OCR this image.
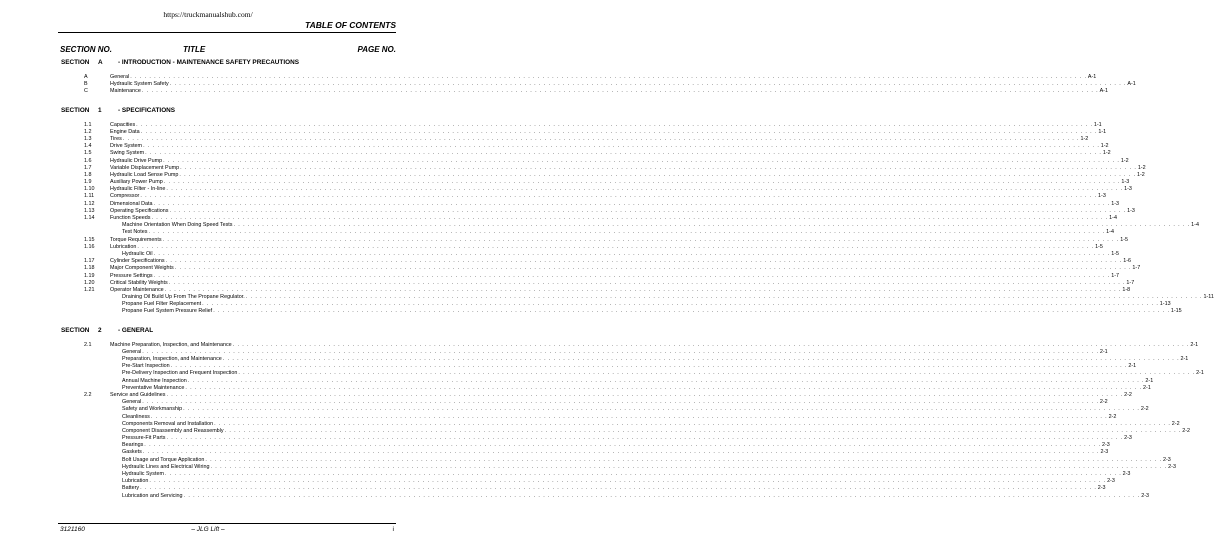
https://truckmanualshub.com/
TABLE OF CONTENTS
SECTION NO.	TITLE	PAGE NO.
SECTION A - INTRODUCTION - MAINTENANCE SAFETY PRECAUTIONS
A	General . . . . . . . . . . . . . . . . . . . . . . . . . . . . . . . . . . . . . . . . . . . . . . . . . . . . . . . . . . . . . . . . . . . . . . . . . . . . . . . . . . . . . . . . . . . . . . . . . . . . . . . . . . . . . . . . . . . . . . . . . . . . . . . . . . . . . . . . . . . . . . . . . . . . . . . . . . . . . . . . . . . . . . . . . . . . . . . . . . . . . . . . . . . . . . . . . . . . . . . . A-1
B	Hydraulic System Safety . . . . . . . . . . . . . . . . . . . . . . . . . . . . . . . . . . . . . . . . . . . . . . . . . . . . . . . . . . . . . . . . . . . . . . . . . . . . . . . . . . . . . . . . . . . . . . . . . . . . . . . . . . . . . . . . . . . . . . . . . . . . . . . . . . . . . . . . . . . . . . . . . . . . . . . . . . . . . . . . . . . . . . . . . . . . . . . . . . . . . . . . . . . . . . . . . . . . . . . . A-1
C	Maintenance . . . . . . . . . . . . . . . . . . . . . . . . . . . . . . . . . . . . . . . . . . . . . . . . . . . . . . . . . . . . . . . . . . . . . . . . . . . . . . . . . . . . . . . . . . . . . . . . . . . . . . . . . . . . . . . . . . . . . . . . . . . . . . . . . . . . . . . . . . . . . . . . . . . . . . . . . . . . . . . . . . . . . . . . . . . . . . . . . . . . . . . . . . . . . . . . . . . . . . . . A-1
SECTION 1	- SPECIFICATIONS
1.1	Capacities . . . . . . . . . . . . . . . . . . . . . . . . . . . . . . . . . . . . . . . . . . . . . . . . . . . . . . . . . . . . . . . . . . . . . . . . . . . . . . . . . . . . . . . . . . . . . . . . . . . . . . . . . . . . . . . . . . . . . . . . . . . . . . . . . . . . . . . . . . . . . . . . . . . . . . . . . . . . . . . . . . . . . . . . . . . . . . . . . . . . . . . . . . . . . . . . . . . . . . . . 1-1
1.2	Engine Data . . . . . . . . . . . . . . . . . . . . . . . . . . . . . . . . . . . . . . . . . . . . . . . . . . . . . . . . . . . . . . . . . . . . . . . . . . . . . . . . . . . . . . . . . . . . . . . . . . . . . . . . . . . . . . . . . . . . . . . . . . . . . . . . . . . . . . . . . . . . . . . . . . . . . . . . . . . . . . . . . . . . . . . . . . . . . . . . . . . . . . . . . . . . . . . . . . . . . . . . 1-1
1.3	Tires . . . . . . . . . . . . . . . . . . . . . . . . . . . . . . . . . . . . . . . . . . . . . . . . . . . . . . . . . . . . . . . . . . . . . . . . . . . . . . . . . . . . . . . . . . . . . . . . . . . . . . . . . . . . . . . . . . . . . . . . . . . . . . . . . . . . . . . . . . . . . . . . . . . . . . . . . . . . . . . . . . . . . . . . . . . . . . . . . . . . . . . . . . . . . . . . . . . . . . . . 1-2
1.4	Drive System . . . . . . . . . . . . . . . . . . . . . . . . . . . . . . . . . . . . . . . . . . . . . . . . . . . . . . . . . . . . . . . . . . . . . . . . . . . . . . . . . . . . . . . . . . . . . . . . . . . . . . . . . . . . . . . . . . . . . . . . . . . . . . . . . . . . . . . . . . . . . . . . . . . . . . . . . . . . . . . . . . . . . . . . . . . . . . . . . . . . . . . . . . . . . . . . . . . . . . . . 1-2
1.5	Swing System . . . . . . . . . . . . . . . . . . . . . . . . . . . . . . . . . . . . . . . . . . . . . . . . . . . . . . . . . . . . . . . . . . . . . . . . . . . . . . . . . . . . . . . . . . . . . . . . . . . . . . . . . . . . . . . . . . . . . . . . . . . . . . . . . . . . . . . . . . . . . . . . . . . . . . . . . . . . . . . . . . . . . . . . . . . . . . . . . . . . . . . . . . . . . . . . . . . . . . . . 1-2
1.6	Hydraulic Drive Pump . . . . . . . . . . . . . . . . . . . . . . . . . . . . . . . . . . . . . . . . . . . . . . . . . . . . . . . . . . . . . . . . . . . . . . . . . . . . . . . . . . . . . . . . . . . . . . . . . . . . . . . . . . . . . . . . . . . . . . . . . . . . . . . . . . . . . . . . . . . . . . . . . . . . . . . . . . . . . . . . . . . . . . . . . . . . . . . . . . . . . . . . . . . . . . . . . . . . . . . . 1-2
1.7	Variable Displacement Pump . . . . . . . . . . . . . . . . . . . . . . . . . . . . . . . . . . . . . . . . . . . . . . . . . . . . . . . . . . . . . . . . . . . . . . . . . . . . . . . . . . . . . . . . . . . . . . . . . . . . . . . . . . . . . . . . . . . . . . . . . . . . . . . . . . . . . . . . . . . . . . . . . . . . . . . . . . . . . . . . . . . . . . . . . . . . . . . . . . . . . . . . . . . . . . . . . . . . . . . . 1-2
1.8	Hydraulic Load Sense Pump . . . . . . . . . . . . . . . . . . . . . . . . . . . . . . . . . . . . . . . . . . . . . . . . . . . . . . . . . . . . . . . . . . . . . . . . . . . . . . . . . . . . . . . . . . . . . . . . . . . . . . . . . . . . . . . . . . . . . . . . . . . . . . . . . . . . . . . . . . . . . . . . . . . . . . . . . . . . . . . . . . . . . . . . . . . . . . . . . . . . . . . . . . . . . . . . . . . . . . . . 1-2
1.9	Auxiliary Power Pump . . . . . . . . . . . . . . . . . . . . . . . . . . . . . . . . . . . . . . . . . . . . . . . . . . . . . . . . . . . . . . . . . . . . . . . . . . . . . . . . . . . . . . . . . . . . . . . . . . . . . . . . . . . . . . . . . . . . . . . . . . . . . . . . . . . . . . . . . . . . . . . . . . . . . . . . . . . . . . . . . . . . . . . . . . . . . . . . . . . . . . . . . . . . . . . . . . . . . . . . 1-3
1.10	Hydraulic Filter - In-line . . . . . . . . . . . . . . . . . . . . . . . . . . . . . . . . . . . . . . . . . . . . . . . . . . . . . . . . . . . . . . . . . . . . . . . . . . . . . . . . . . . . . . . . . . . . . . . . . . . . . . . . . . . . . . . . . . . . . . . . . . . . . . . . . . . . . . . . . . . . . . . . . . . . . . . . . . . . . . . . . . . . . . . . . . . . . . . . . . . . . . . . . . . . . . . . . . . . . . . . 1-3
1.11	Compressor . . . . . . . . . . . . . . . . . . . . . . . . . . . . . . . . . . . . . . . . . . . . . . . . . . . . . . . . . . . . . . . . . . . . . . . . . . . . . . . . . . . . . . . . . . . . . . . . . . . . . . . . . . . . . . . . . . . . . . . . . . . . . . . . . . . . . . . . . . . . . . . . . . . . . . . . . . . . . . . . . . . . . . . . . . . . . . . . . . . . . . . . . . . . . . . . . . . . . . . . 1-3
1.12	Dimensional Data . . . . . . . . . . . . . . . . . . . . . . . . . . . . . . . . . . . . . . . . . . . . . . . . . . . . . . . . . . . . . . . . . . . . . . . . . . . . . . . . . . . . . . . . . . . . . . . . . . . . . . . . . . . . . . . . . . . . . . . . . . . . . . . . . . . . . . . . . . . . . . . . . . . . . . . . . . . . . . . . . . . . . . . . . . . . . . . . . . . . . . . . . . . . . . . . . . . . . . . . 1-3
1.13	Operating Specifications . . . . . . . . . . . . . . . . . . . . . . . . . . . . . . . . . . . . . . . . . . . . . . . . . . . . . . . . . . . . . . . . . . . . . . . . . . . . . . . . . . . . . . . . . . . . . . . . . . . . . . . . . . . . . . . . . . . . . . . . . . . . . . . . . . . . . . . . . . . . . . . . . . . . . . . . . . . . . . . . . . . . . . . . . . . . . . . . . . . . . . . . . . . . . . . . . . . . . . . . 1-3
1.14	Function Speeds . . . . . . . . . . . . . . . . . . . . . . . . . . . . . . . . . . . . . . . . . . . . . . . . . . . . . . . . . . . . . . . . . . . . . . . . . . . . . . . . . . . . . . . . . . . . . . . . . . . . . . . . . . . . . . . . . . . . . . . . . . . . . . . . . . . . . . . . . . . . . . . . . . . . . . . . . . . . . . . . . . . . . . . . . . . . . . . . . . . . . . . . . . . . . . . . . . . . . . . . 1-4
Machine Orientation When Doing Speed Tests . . . . . . . . . . . . . . . . . . . . . . . . . . . . . . . . . . . . . . . . . . . . . . . . . . . . . . . . . . . . . . . . . . . . . . . . . . . . . . . . . . . . . . . . . . . . . . . . . . . . . . . . . . . . . . . . . . . . . . . . . . . . . . . . . . . . . . . . . . . . . . . . . . . . . . . . . . . . . . . . . . . . . . . . . . . . . . . . . . . . . . . . . . . . . . . . . . . . . . . . 1-4
Test Notes . . . . . . . . . . . . . . . . . . . . . . . . . . . . . . . . . . . . . . . . . . . . . . . . . . . . . . . . . . . . . . . . . . . . . . . . . . . . . . . . . . . . . . . . . . . . . . . . . . . . . . . . . . . . . . . . . . . . . . . . . . . . . . . . . . . . . . . . . . . . . . . . . . . . . . . . . . . . . . . . . . . . . . . . . . . . . . . . . . . . . . . . . . . . . . . . . . . . . . . . 1-4
1.15	Torque Requirements . . . . . . . . . . . . . . . . . . . . . . . . . . . . . . . . . . . . . . . . . . . . . . . . . . . . . . . . . . . . . . . . . . . . . . . . . . . . . . . . . . . . . . . . . . . . . . . . . . . . . . . . . . . . . . . . . . . . . . . . . . . . . . . . . . . . . . . . . . . . . . . . . . . . . . . . . . . . . . . . . . . . . . . . . . . . . . . . . . . . . . . . . . . . . . . . . . . . . . . . 1-5
1.16	Lubrication . . . . . . . . . . . . . . . . . . . . . . . . . . . . . . . . . . . . . . . . . . . . . . . . . . . . . . . . . . . . . . . . . . . . . . . . . . . . . . . . . . . . . . . . . . . . . . . . . . . . . . . . . . . . . . . . . . . . . . . . . . . . . . . . . . . . . . . . . . . . . . . . . . . . . . . . . . . . . . . . . . . . . . . . . . . . . . . . . . . . . . . . . . . . . . . . . . . . . . . . 1-5
Hydraulic Oil . . . . . . . . . . . . . . . . . . . . . . . . . . . . . . . . . . . . . . . . . . . . . . . . . . . . . . . . . . . . . . . . . . . . . . . . . . . . . . . . . . . . . . . . . . . . . . . . . . . . . . . . . . . . . . . . . . . . . . . . . . . . . . . . . . . . . . . . . . . . . . . . . . . . . . . . . . . . . . . . . . . . . . . . . . . . . . . . . . . . . . . . . . . . . . . . . . . . . . . . 1-5
1.17	Cylinder Specifications . . . . . . . . . . . . . . . . . . . . . . . . . . . . . . . . . . . . . . . . . . . . . . . . . . . . . . . . . . . . . . . . . . . . . . . . . . . . . . . . . . . . . . . . . . . . . . . . . . . . . . . . . . . . . . . . . . . . . . . . . . . . . . . . . . . . . . . . . . . . . . . . . . . . . . . . . . . . . . . . . . . . . . . . . . . . . . . . . . . . . . . . . . . . . . . . . . . . . . . . 1-6
1.18	Major Component Weights . . . . . . . . . . . . . . . . . . . . . . . . . . . . . . . . . . . . . . . . . . . . . . . . . . . . . . . . . . . . . . . . . . . . . . . . . . . . . . . . . . . . . . . . . . . . . . . . . . . . . . . . . . . . . . . . . . . . . . . . . . . . . . . . . . . . . . . . . . . . . . . . . . . . . . . . . . . . . . . . . . . . . . . . . . . . . . . . . . . . . . . . . . . . . . . . . . . . . . . . 1-7
1.19	Pressure Settings . . . . . . . . . . . . . . . . . . . . . . . . . . . . . . . . . . . . . . . . . . . . . . . . . . . . . . . . . . . . . . . . . . . . . . . . . . . . . . . . . . . . . . . . . . . . . . . . . . . . . . . . . . . . . . . . . . . . . . . . . . . . . . . . . . . . . . . . . . . . . . . . . . . . . . . . . . . . . . . . . . . . . . . . . . . . . . . . . . . . . . . . . . . . . . . . . . . . . . . . 1-7
1.20	Critical Stability Weights . . . . . . . . . . . . . . . . . . . . . . . . . . . . . . . . . . . . . . . . . . . . . . . . . . . . . . . . . . . . . . . . . . . . . . . . . . . . . . . . . . . . . . . . . . . . . . . . . . . . . . . . . . . . . . . . . . . . . . . . . . . . . . . . . . . . . . . . . . . . . . . . . . . . . . . . . . . . . . . . . . . . . . . . . . . . . . . . . . . . . . . . . . . . . . . . . . . . . . . . 1-7
1.21	Operator Maintenance . . . . . . . . . . . . . . . . . . . . . . . . . . . . . . . . . . . . . . . . . . . . . . . . . . . . . . . . . . . . . . . . . . . . . . . . . . . . . . . . . . . . . . . . . . . . . . . . . . . . . . . . . . . . . . . . . . . . . . . . . . . . . . . . . . . . . . . . . . . . . . . . . . . . . . . . . . . . . . . . . . . . . . . . . . . . . . . . . . . . . . . . . . . . . . . . . . . . . . . . 1-8
Draining Oil Build Up From The Propane Regulator. . . . . . . . . . . . . . . . . . . . . . . . . . . . . . . . . . . . . . . . . . . . . . . . . . . . . . . . . . . . . . . . . . . . . . . . . . . . . . . . . . . . . . . . . . . . . . . . . . . . . . . . . . . . . . . . . . . . . . . . . . . . . . . . . . . . . . . . . . . . . . . . . . . . . . . . . . . . . . . . . . . . . . . . . . . . . . . . . . . . . . . . . . . . . . . . . . . . . . . . . 1-11
Propane Fuel Filter Replacement . . . . . . . . . . . . . . . . . . . . . . . . . . . . . . . . . . . . . . . . . . . . . . . . . . . . . . . . . . . . . . . . . . . . . . . . . . . . . . . . . . . . . . . . . . . . . . . . . . . . . . . . . . . . . . . . . . . . . . . . . . . . . . . . . . . . . . . . . . . . . . . . . . . . . . . . . . . . . . . . . . . . . . . . . . . . . . . . . . . . . . . . . . . . . . . . . . . . . . . . 1-13
Propane Fuel System Pressure Relief . . . . . . . . . . . . . . . . . . . . . . . . . . . . . . . . . . . . . . . . . . . . . . . . . . . . . . . . . . . . . . . . . . . . . . . . . . . . . . . . . . . . . . . . . . . . . . . . . . . . . . . . . . . . . . . . . . . . . . . . . . . . . . . . . . . . . . . . . . . . . . . . . . . . . . . . . . . . . . . . . . . . . . . . . . . . . . . . . . . . . . . . . . . . . . . . . . . . . . . . 1-15
SECTION 2	- GENERAL
2.1	Machine Preparation, Inspection, and Maintenance . . . . . . . . . . . . . . . . . . . . . . . . . . . . . . . . . . . . . . . . . . . . . . . . . . . . . . . . . . . . . . . . . . . . . . . . . . . . . . . . . . . . . . . . . . . . . . . . . . . . . . . . . . . . . . . . . . . . . . . . . . . . . . . . . . . . . . . . . . . . . . . . . . . . . . . . . . . . . . . . . . . . . . . . . . . . . . . . . . . . . . . . . . . . . . . . . . . . . . . . 2-1
General . . . . . . . . . . . . . . . . . . . . . . . . . . . . . . . . . . . . . . . . . . . . . . . . . . . . . . . . . . . . . . . . . . . . . . . . . . . . . . . . . . . . . . . . . . . . . . . . . . . . . . . . . . . . . . . . . . . . . . . . . . . . . . . . . . . . . . . . . . . . . . . . . . . . . . . . . . . . . . . . . . . . . . . . . . . . . . . . . . . . . . . . . . . . . . . . . . . . . . . . 2-1
Preparation, Inspection, and Maintenance . . . . . . . . . . . . . . . . . . . . . . . . . . . . . . . . . . . . . . . . . . . . . . . . . . . . . . . . . . . . . . . . . . . . . . . . . . . . . . . . . . . . . . . . . . . . . . . . . . . . . . . . . . . . . . . . . . . . . . . . . . . . . . . . . . . . . . . . . . . . . . . . . . . . . . . . . . . . . . . . . . . . . . . . . . . . . . . . . . . . . . . . . . . . . . . . . . . . . . . . 2-1
Pre-Start Inspection . . . . . . . . . . . . . . . . . . . . . . . . . . . . . . . . . . . . . . . . . . . . . . . . . . . . . . . . . . . . . . . . . . . . . . . . . . . . . . . . . . . . . . . . . . . . . . . . . . . . . . . . . . . . . . . . . . . . . . . . . . . . . . . . . . . . . . . . . . . . . . . . . . . . . . . . . . . . . . . . . . . . . . . . . . . . . . . . . . . . . . . . . . . . . . . . . . . . . . . . 2-1
Pre-Delivery Inspection and Frequent Inspection . . . . . . . . . . . . . . . . . . . . . . . . . . . . . . . . . . . . . . . . . . . . . . . . . . . . . . . . . . . . . . . . . . . . . . . . . . . . . . . . . . . . . . . . . . . . . . . . . . . . . . . . . . . . . . . . . . . . . . . . . . . . . . . . . . . . . . . . . . . . . . . . . . . . . . . . . . . . . . . . . . . . . . . . . . . . . . . . . . . . . . . . . . . . . . . . . . . . . . . . 2-1
Annual Machine Inspection . . . . . . . . . . . . . . . . . . . . . . . . . . . . . . . . . . . . . . . . . . . . . . . . . . . . . . . . . . . . . . . . . . . . . . . . . . . . . . . . . . . . . . . . . . . . . . . . . . . . . . . . . . . . . . . . . . . . . . . . . . . . . . . . . . . . . . . . . . . . . . . . . . . . . . . . . . . . . . . . . . . . . . . . . . . . . . . . . . . . . . . . . . . . . . . . . . . . . . . . 2-1
Preventative Maintenance . . . . . . . . . . . . . . . . . . . . . . . . . . . . . . . . . . . . . . . . . . . . . . . . . . . . . . . . . . . . . . . . . . . . . . . . . . . . . . . . . . . . . . . . . . . . . . . . . . . . . . . . . . . . . . . . . . . . . . . . . . . . . . . . . . . . . . . . . . . . . . . . . . . . . . . . . . . . . . . . . . . . . . . . . . . . . . . . . . . . . . . . . . . . . . . . . . . . . . . . 2-1
2.2	Service and Guidelines . . . . . . . . . . . . . . . . . . . . . . . . . . . . . . . . . . . . . . . . . . . . . . . . . . . . . . . . . . . . . . . . . . . . . . . . . . . . . . . . . . . . . . . . . . . . . . . . . . . . . . . . . . . . . . . . . . . . . . . . . . . . . . . . . . . . . . . . . . . . . . . . . . . . . . . . . . . . . . . . . . . . . . . . . . . . . . . . . . . . . . . . . . . . . . . . . . . . . . . . 2-2
General . . . . . . . . . . . . . . . . . . . . . . . . . . . . . . . . . . . . . . . . . . . . . . . . . . . . . . . . . . . . . . . . . . . . . . . . . . . . . . . . . . . . . . . . . . . . . . . . . . . . . . . . . . . . . . . . . . . . . . . . . . . . . . . . . . . . . . . . . . . . . . . . . . . . . . . . . . . . . . . . . . . . . . . . . . . . . . . . . . . . . . . . . . . . . . . . . . . . . . . . 2-2
Safety and Workmanship . . . . . . . . . . . . . . . . . . . . . . . . . . . . . . . . . . . . . . . . . . . . . . . . . . . . . . . . . . . . . . . . . . . . . . . . . . . . . . . . . . . . . . . . . . . . . . . . . . . . . . . . . . . . . . . . . . . . . . . . . . . . . . . . . . . . . . . . . . . . . . . . . . . . . . . . . . . . . . . . . . . . . . . . . . . . . . . . . . . . . . . . . . . . . . . . . . . . . . . . 2-2
Cleanliness . . . . . . . . . . . . . . . . . . . . . . . . . . . . . . . . . . . . . . . . . . . . . . . . . . . . . . . . . . . . . . . . . . . . . . . . . . . . . . . . . . . . . . . . . . . . . . . . . . . . . . . . . . . . . . . . . . . . . . . . . . . . . . . . . . . . . . . . . . . . . . . . . . . . . . . . . . . . . . . . . . . . . . . . . . . . . . . . . . . . . . . . . . . . . . . . . . . . . . . . 2-2
Components Removal and Installation . . . . . . . . . . . . . . . . . . . . . . . . . . . . . . . . . . . . . . . . . . . . . . . . . . . . . . . . . . . . . . . . . . . . . . . . . . . . . . . . . . . . . . . . . . . . . . . . . . . . . . . . . . . . . . . . . . . . . . . . . . . . . . . . . . . . . . . . . . . . . . . . . . . . . . . . . . . . . . . . . . . . . . . . . . . . . . . . . . . . . . . . . . . . . . . . . . . . . . . . 2-2
Component Disassembly and Reassembly . . . . . . . . . . . . . . . . . . . . . . . . . . . . . . . . . . . . . . . . . . . . . . . . . . . . . . . . . . . . . . . . . . . . . . . . . . . . . . . . . . . . . . . . . . . . . . . . . . . . . . . . . . . . . . . . . . . . . . . . . . . . . . . . . . . . . . . . . . . . . . . . . . . . . . . . . . . . . . . . . . . . . . . . . . . . . . . . . . . . . . . . . . . . . . . . . . . . . . . . 2-2
Pressure-Fit Parts . . . . . . . . . . . . . . . . . . . . . . . . . . . . . . . . . . . . . . . . . . . . . . . . . . . . . . . . . . . . . . . . . . . . . . . . . . . . . . . . . . . . . . . . . . . . . . . . . . . . . . . . . . . . . . . . . . . . . . . . . . . . . . . . . . . . . . . . . . . . . . . . . . . . . . . . . . . . . . . . . . . . . . . . . . . . . . . . . . . . . . . . . . . . . . . . . . . . . . . . 2-3
Bearings . . . . . . . . . . . . . . . . . . . . . . . . . . . . . . . . . . . . . . . . . . . . . . . . . . . . . . . . . . . . . . . . . . . . . . . . . . . . . . . . . . . . . . . . . . . . . . . . . . . . . . . . . . . . . . . . . . . . . . . . . . . . . . . . . . . . . . . . . . . . . . . . . . . . . . . . . . . . . . . . . . . . . . . . . . . . . . . . . . . . . . . . . . . . . . . . . . . . . . . . 2-3
Gaskets . . . . . . . . . . . . . . . . . . . . . . . . . . . . . . . . . . . . . . . . . . . . . . . . . . . . . . . . . . . . . . . . . . . . . . . . . . . . . . . . . . . . . . . . . . . . . . . . . . . . . . . . . . . . . . . . . . . . . . . . . . . . . . . . . . . . . . . . . . . . . . . . . . . . . . . . . . . . . . . . . . . . . . . . . . . . . . . . . . . . . . . . . . . . . . . . . . . . . . . . 2-3
Bolt Usage and Torque Application . . . . . . . . . . . . . . . . . . . . . . . . . . . . . . . . . . . . . . . . . . . . . . . . . . . . . . . . . . . . . . . . . . . . . . . . . . . . . . . . . . . . . . . . . . . . . . . . . . . . . . . . . . . . . . . . . . . . . . . . . . . . . . . . . . . . . . . . . . . . . . . . . . . . . . . . . . . . . . . . . . . . . . . . . . . . . . . . . . . . . . . . . . . . . . . . . . . . . . . . 2-3
Hydraulic Lines and Electrical Wiring . . . . . . . . . . . . . . . . . . . . . . . . . . . . . . . . . . . . . . . . . . . . . . . . . . . . . . . . . . . . . . . . . . . . . . . . . . . . . . . . . . . . . . . . . . . . . . . . . . . . . . . . . . . . . . . . . . . . . . . . . . . . . . . . . . . . . . . . . . . . . . . . . . . . . . . . . . . . . . . . . . . . . . . . . . . . . . . . . . . . . . . . . . . . . . . . . . . . . . . . 2-3
Hydraulic System . . . . . . . . . . . . . . . . . . . . . . . . . . . . . . . . . . . . . . . . . . . . . . . . . . . . . . . . . . . . . . . . . . . . . . . . . . . . . . . . . . . . . . . . . . . . . . . . . . . . . . . . . . . . . . . . . . . . . . . . . . . . . . . . . . . . . . . . . . . . . . . . . . . . . . . . . . . . . . . . . . . . . . . . . . . . . . . . . . . . . . . . . . . . . . . . . . . . . . . . 2-3
Lubrication . . . . . . . . . . . . . . . . . . . . . . . . . . . . . . . . . . . . . . . . . . . . . . . . . . . . . . . . . . . . . . . . . . . . . . . . . . . . . . . . . . . . . . . . . . . . . . . . . . . . . . . . . . . . . . . . . . . . . . . . . . . . . . . . . . . . . . . . . . . . . . . . . . . . . . . . . . . . . . . . . . . . . . . . . . . . . . . . . . . . . . . . . . . . . . . . . . . . . . . . 2-3
Battery . . . . . . . . . . . . . . . . . . . . . . . . . . . . . . . . . . . . . . . . . . . . . . . . . . . . . . . . . . . . . . . . . . . . . . . . . . . . . . . . . . . . . . . . . . . . . . . . . . . . . . . . . . . . . . . . . . . . . . . . . . . . . . . . . . . . . . . . . . . . . . . . . . . . . . . . . . . . . . . . . . . . . . . . . . . . . . . . . . . . . . . . . . . . . . . . . . . . . . . . 2-3
Lubrication and Servicing . . . . . . . . . . . . . . . . . . . . . . . . . . . . . . . . . . . . . . . . . . . . . . . . . . . . . . . . . . . . . . . . . . . . . . . . . . . . . . . . . . . . . . . . . . . . . . . . . . . . . . . . . . . . . . . . . . . . . . . . . . . . . . . . . . . . . . . . . . . . . . . . . . . . . . . . . . . . . . . . . . . . . . . . . . . . . . . . . . . . . . . . . . . . . . . . . . . . . . . . 2-3
3121160	– JLG Lift –	i
